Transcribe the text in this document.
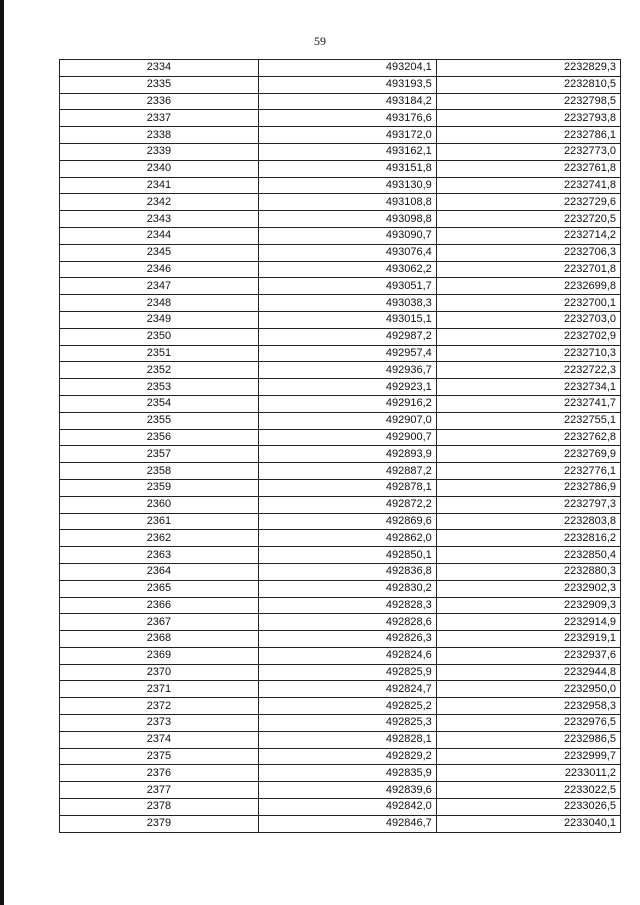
59
2334	493204,1	2232829,3
2335	493193,5	2232810,5
2336	493184,2	2232798,5
2337	493176,6	2232793,8
2338	493172,0	2232786,1
2339	493162,1	2232773,0
2340	493151,8	2232761,8
2341	493130,9	2232741,8
2342	493108,8	2232729,6
2343	493098,8	2232720,5
2344	493090,7	2232714,2
2345	493076,4	2232706,3
2346	493062,2	2232701,8
2347	493051,7	2232699,8
2348	493038,3	2232700,1
2349	493015,1	2232703,0
2350	492987,2	2232702,9
2351	492957,4	2232710,3
2352	492936,7	2232722,3
2353	492923,1	2232734,1
2354	492916,2	2232741,7
2355	492907,0	2232755,1
2356	492900,7	2232762,8
2357	492893,9	2232769,9
2358	492887,2	2232776,1
2359	492878,1	2232786,9
2360	492872,2	2232797,3
2361	492869,6	2232803,8
2362	492862,0	2232816,2
2363	492850,1	2232850,4
2364	492836,8	2232880,3
2365	492830,2	2232902,3
2366	492828,3	2232909,3
2367	492828,6	2232914,9
2368	492826,3	2232919,1
2369	492824,6	2232937,6
2370	492825,9	2232944,8
2371	492824,7	2232950,0
2372	492825,2	2232958,3
2373	492825,3	2232976,5
2374	492828,1	2232986,5
2375	492829,2	2232999,7
2376	492835,9	2233011,2
2377	492839,6	2233022,5
2378	492842,0	2233026,5
2379	492846,7	2233040,1
